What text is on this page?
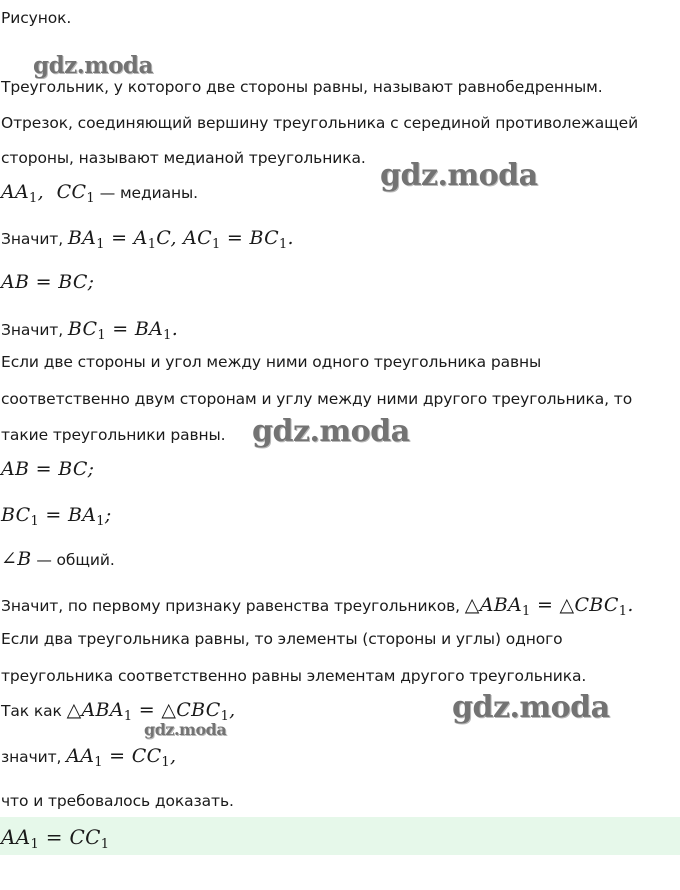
gdz.moda
gdz.moda
gdz.moda
gdz.moda
gdz.moda
Рисунок.
Треугольник, у которого две стороны равны, называют равнобедренным.
Отрезок, соединяющий вершину треугольника с серединой противолежащей
стороны, называют медианой треугольника.
$AA_1$,  $CC_1$ — медианы.
Значит, $BA_1 = A_1C$, $AC_1 = BC_1$.
AB = BC;
Значит, $BC_1 = BA_1$.
Если две стороны и угол между ними одного треугольника равны
соответственно двум сторонам и углу между ними другого треугольника, то
такие треугольники равны.
AB = BC;
$BC_1 = BA_1$;
∠B — общий.
Значит, по первому признаку равенства треугольников, $\triangle ABA_1$ = $\triangle CBC_1$.
Если два треугольника равны, то элементы (стороны и углы) одного
треугольника соответственно равны элементам другого треугольника.
Так как $\triangle ABA_1$ = $\triangle CBC_1$,
значит, $AA_1 = CC_1$,
что и требовалось доказать.
$AA_1 = CC_1$
